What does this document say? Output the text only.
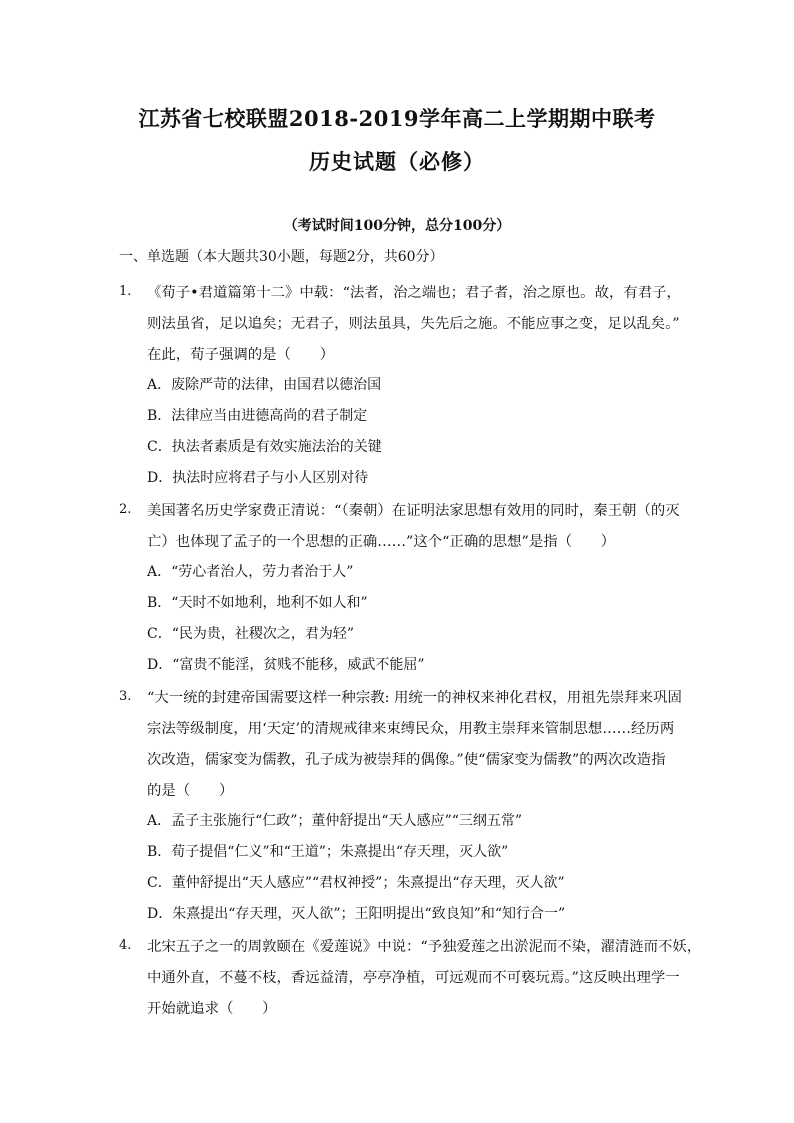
江苏省七校联盟2018-2019学年高二上学期期中联考
历史试题（必修）
（考试时间100分钟，总分100分）
一、单选题（本大题共30小题，每题2分，共60分）
1. 《荀子•君道篇第十二》中载：“法者，治之端也；君子者，治之原也。故，有君子，
则法虽省，足以追矣；无君子，则法虽具，失先后之施。不能应事之变，足以乱矣。”
在此，荀子强调的是（　　）
A．废除严苛的法律，由国君以德治国
B．法律应当由进德高尚的君子制定
C．执法者素质是有效实施法治的关键
D．执法时应将君子与小人区别对待
2. 美国著名历史学家费正清说：“（秦朝）在证明法家思想有效用的同时，秦王朝（的灭
亡）也体现了孟子的一个思想的正确……”这个“正确的思想”是指（　　）
A．“劳心者治人，劳力者治于人”
B．“天时不如地利，地利不如人和”
C．“民为贵，社稷次之，君为轻”
D．“富贵不能淫，贫贱不能移，威武不能屈”
3. “大一统的封建帝国需要这样一种宗教: 用统一的神权来神化君权，用祖先崇拜来巩固
宗法等级制度，用‘天定’的清规戒律来束缚民众，用教主崇拜来管制思想……经历两
次改造，儒家变为儒教，孔子成为被崇拜的偶像。”使“儒家变为儒教”的两次改造指
的是（　　）
A．孟子主张施行“仁政”；董仲舒提出“天人感应”“三纲五常”
B．荀子提倡“仁义”和“王道”；朱熹提出“存天理，灭人欲”
C．董仲舒提出“天人感应”“君权神授”；朱熹提出“存天理，灭人欲”
D．朱熹提出“存天理，灭人欲”；王阳明提出“致良知”和“知行合一”
4. 北宋五子之一的周敦颐在《爱莲说》中说：“予独爱莲之出淤泥而不染，濯清涟而不妖，
中通外直，不蔓不枝，香远益清，亭亭净植，可远观而不可亵玩焉。”这反映出理学一
开始就追求（　　）
